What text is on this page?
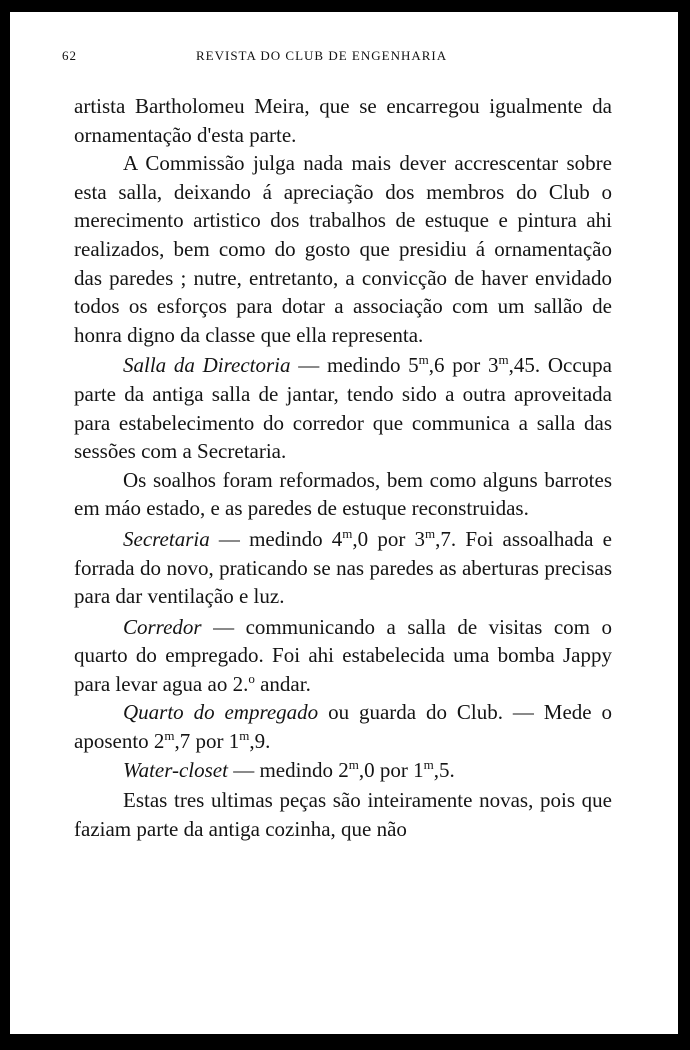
62	REVISTA DO CLUB DE ENGENHARIA

artista Bartholomeu Meira, que se encarregou igualmente da ornamentação d'esta parte.

A Commissão julga nada mais dever accrescentar sobre esta salla, deixando á apreciação dos membros do Club o merecimento artistico dos trabalhos de estuque e pintura ahi realizados, bem como do gosto que presidiu á ornamentação das paredes ; nutre, entretanto, a convicção de haver envidado todos os esforços para dotar a associação com um sallão de honra digno da classe que ella representa.

Salla da Directoria — medindo 5$^m$,6 por 3$^m$,45. Occupa parte da antiga salla de jantar, tendo sido a outra aproveitada para estabelecimento do corredor que communica a salla das sessões com a Secretaria.

Os soalhos foram reformados, bem como alguns barrotes em máo estado, e as paredes de estuque reconstruidas.

Secretaria — medindo 4$^m$,0 por 3$^m$,7. Foi assoalhada e forrada do novo, praticando se nas paredes as aberturas precisas para dar ventilação e luz.

Corredor — communicando a salla de visitas com o quarto do empregado. Foi ahi estabelecida uma bomba Jappy para levar agua ao 2.$^o$ andar.

Quarto do empregado ou guarda do Club. — Mede o aposento 2$^m$,7 por 1$^m$,9.

Water-closet — medindo 2$^m$,0 por 1$^m$,5.

Estas tres ultimas peças são inteiramente novas, pois que faziam parte da antiga cozinha, que não
